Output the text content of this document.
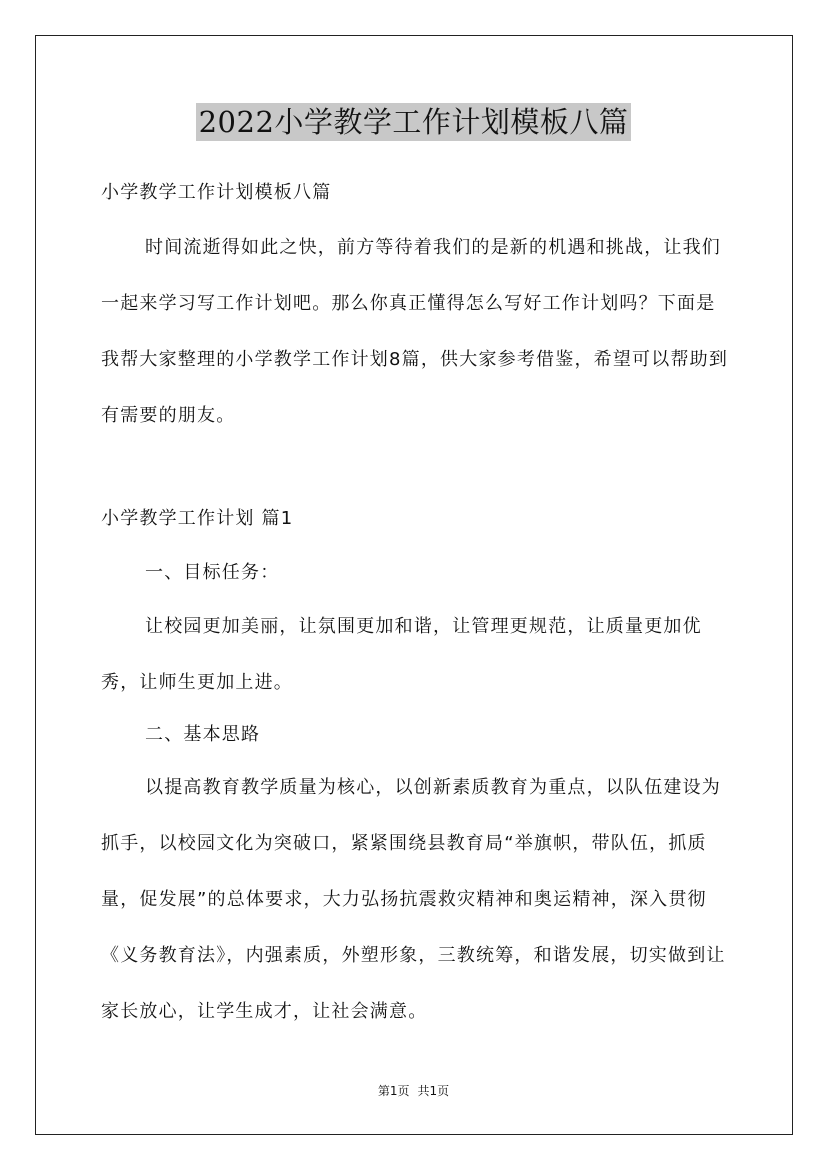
2022小学教学工作计划模板八篇

小学教学工作计划模板八篇

时间流逝得如此之快，前方等待着我们的是新的机遇和挑战，让我们一起来学习写工作计划吧。那么你真正懂得怎么写好工作计划吗？下面是我帮大家整理的小学教学工作计划8篇，供大家参考借鉴，希望可以帮助到有需要的朋友。

小学教学工作计划 篇1

一、目标任务：

让校园更加美丽，让氛围更加和谐，让管理更规范，让质量更加优秀，让师生更加上进。

二、基本思路

以提高教育教学质量为核心，以创新素质教育为重点，以队伍建设为抓手，以校园文化为突破口，紧紧围绕县教育局“举旗帜，带队伍，抓质量，促发展”的总体要求，大力弘扬抗震救灾精神和奥运精神，深入贯彻《义务教育法》，内强素质，外塑形象，三教统筹，和谐发展，切实做到让家长放心，让学生成才，让社会满意。

第1页 共1页
